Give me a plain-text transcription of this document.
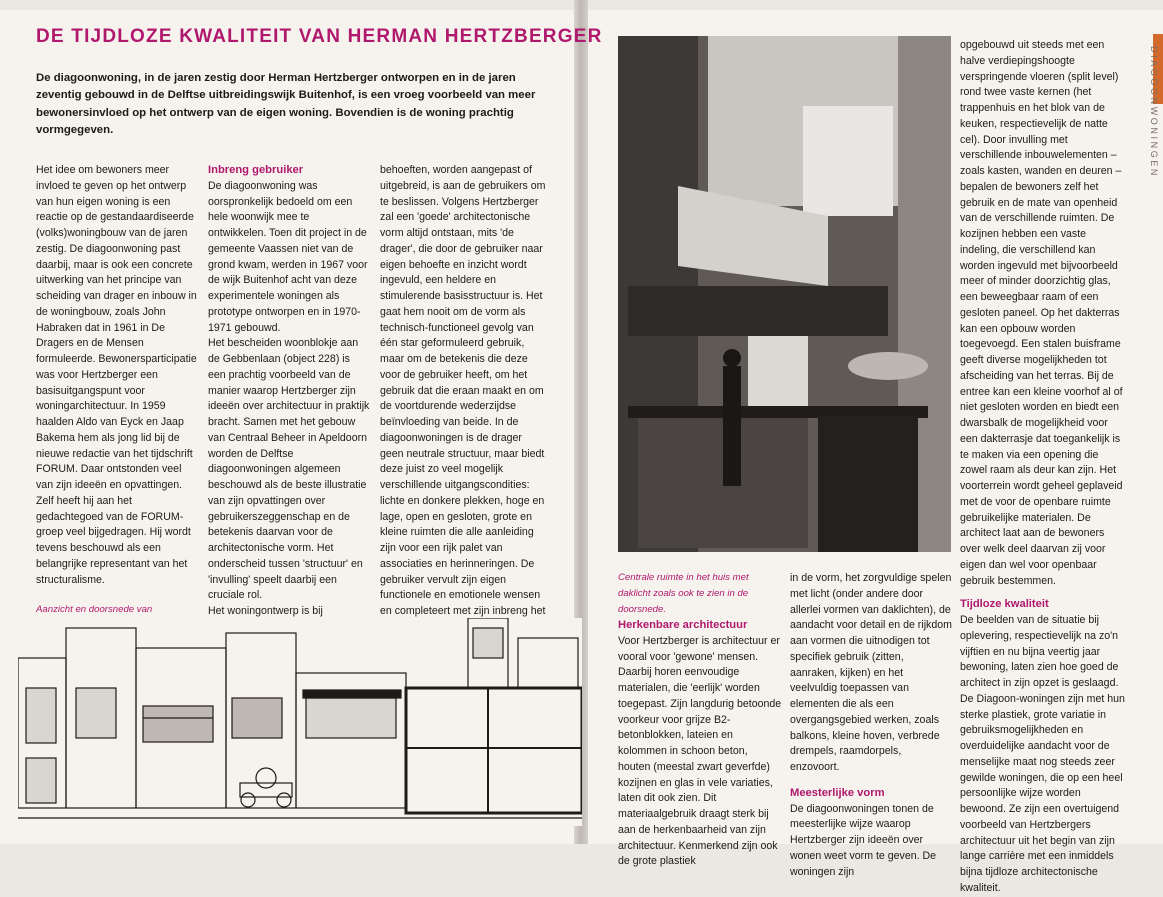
DE TIJDLOZE KWALITEIT VAN HERMAN HERTZBERGER
De diagoonwoning, in de jaren zestig door Herman Hertzberger ontworpen en in de jaren zeventig gebouwd in de Delftse uitbreidingswijk Buitenhof, is een vroeg voorbeeld van meer bewonersinvloed op het ontwerp van de eigen woning. Bovendien is de woning prachtig vormgegeven.

Het idee om bewoners meer invloed te geven op het ontwerp van hun eigen woning is een reactie op de gestandaardiseerde (volks)woningbouw van de jaren zestig. De diagoonwoning past daarbij, maar is ook een concrete uitwerking van het principe van scheiding van drager en inbouw in de woningbouw, zoals John Habraken dat in 1961 in De Dragers en de Mensen formuleerde. Bewonersparticipatie was voor Hertzberger een basisuitgangspunt voor woningarchitectuur. In 1959 haalden Aldo van Eyck en Jaap Bakema hem als jong lid bij de nieuwe redactie van het tijdschrift FORUM. Daar ontstonden veel van zijn ideeën en opvattingen. Zelf heeft hij aan het gedachtegoed van de FORUM-groep veel bijgedragen. Hij wordt tevens beschouwd als een belangrijke representant van het structuralisme.

Aanzicht en doorsnede van

Inbreng gebruiker

De diagoonwoning was oorspronkelijk bedoeld om een hele woonwijk mee te ontwikkelen. Toen dit project in de gemeente Vaassen niet van de grond kwam, werden in 1967 voor de wijk Buitenhof acht van deze experimentele woningen als prototype ontworpen en in 1970-1971 gebouwd.

Het bescheiden woonblokje aan de Gebbenlaan (object 228) is een prachtig voorbeeld van de manier waarop Hertzberger zijn ideeën over architectuur in praktijk bracht. Samen met het gebouw van Centraal Beheer in Apeldoorn worden de Delftse diagoonwoningen algemeen beschouwd als de beste illustratie van zijn opvattingen over gebruikerszeggenschap en de betekenis daarvan voor de architectonische vorm. Het onderscheid tussen 'structuur' en 'invulling' speelt daarbij een cruciale rol.

Het woningontwerp is bij

behoeften, worden aangepast of uitgebreid, is aan de gebruikers om te beslissen. Volgens Hertzberger zal een 'goede' architectonische vorm altijd ontstaan, mits 'de drager', die door de gebruiker naar eigen behoefte en inzicht wordt ingevuld, een heldere en stimulerende basisstructuur is. Het gaat hem nooit om de vorm als technisch-functioneel gevolg van één star geformuleerd gebruik, maar om de betekenis die deze voor de gebruiker heeft, om het gebruik dat die eraan maakt en om de voortdurende wederzijdse beïnvloeding van beide. In de diagoonwoningen is de drager geen neutrale structuur, maar biedt deze juist zo veel mogelijk verschillende uitgangscondities: lichte en donkere plekken, hoge en lage, open en gesloten, grote en kleine ruimten die alle aanleiding zijn voor een rijk palet van associaties en herinneringen. De gebruiker vervult zijn eigen functionele en emotionele wensen en completeert met zijn inbreng het

Centrale ruimte in het huis met daklicht zoals ook te zien in de doorsnede.

Herkenbare architectuur

Voor Hertzberger is architectuur er vooral voor 'gewone' mensen. Daarbij horen eenvoudige materialen, die 'eerlijk' worden toegepast. Zijn langdurig betoonde voorkeur voor grijze B2-betonblokken, lateien en kolommen in schoon beton, houten (meestal zwart geverfde) kozijnen en glas in vele variaties, laten dit ook zien. Dit materiaalgebruik draagt sterk bij aan de herkenbaarheid van zijn architectuur. Kenmerkend zijn ook de grote plastiek

in de vorm, het zorgvuldige spelen met licht (onder andere door allerlei vormen van daklichten), de aandacht voor detail en de rijkdom aan vormen die uitnodigen tot specifiek gebruik (zitten, aanraken, kijken) en het veelvuldig toepassen van elementen die als een overgangsgebied werken, zoals balkons, kleine hoven, verbrede drempels, raamdorpels, enzovoort.

Meesterlijke vorm

De diagoonwoningen tonen de meesterlijke wijze waarop Hertzberger zijn ideeën over wonen weet vorm te geven. De woningen zijn

opgebouwd uit steeds met een halve verdiepingshoogte verspringende vloeren (split level) rond twee vaste kernen (het trappenhuis en het blok van de keuken, respectievelijk de natte cel). Door invulling met verschillende inbouwelementen – zoals kasten, wanden en deuren – bepalen de bewoners zelf het gebruik en de mate van openheid van de verschillende ruimten. De kozijnen hebben een vaste indeling, die verschillend kan worden ingevuld met bijvoorbeeld meer of minder doorzichtig glas, een beweegbaar raam of een gesloten paneel. Op het dakterras kan een opbouw worden toegevoegd. Een stalen buisframe geeft diverse mogelijkheden tot afscheiding van het terras. Bij de entree kan een kleine voorhof al of niet gesloten worden en biedt een dwarsbalk de mogelijkheid voor een dakterrasje dat toegankelijk is te maken via een opening die zowel raam als deur kan zijn. Het voorterrein wordt geheel geplaveid met de voor de openbare ruimte gebruikelijke materialen. De architect laat aan de bewoners over welk deel daarvan zij voor eigen dan wel voor openbaar gebruik bestemmen.

Tijdloze kwaliteit

De beelden van de situatie bij oplevering, respectievelijk na zo'n vijftien en nu bijna veertig jaar bewoning, laten zien hoe goed de architect in zijn opzet is geslaagd. De Diagoon-woningen zijn met hun sterke plastiek, grote variatie in gebruiksmogelijkheden en overduidelijke aandacht voor de menselijke maat nog steeds zeer gewilde woningen, die op een heel persoonlijke wijze worden bewoond. Ze zijn een overtuigend voorbeeld van Hertzbergers architectuur uit het begin van zijn lange carrière met een inmiddels bijna tijdloze architectonische kwaliteit.

DIAGOONWONINGEN
